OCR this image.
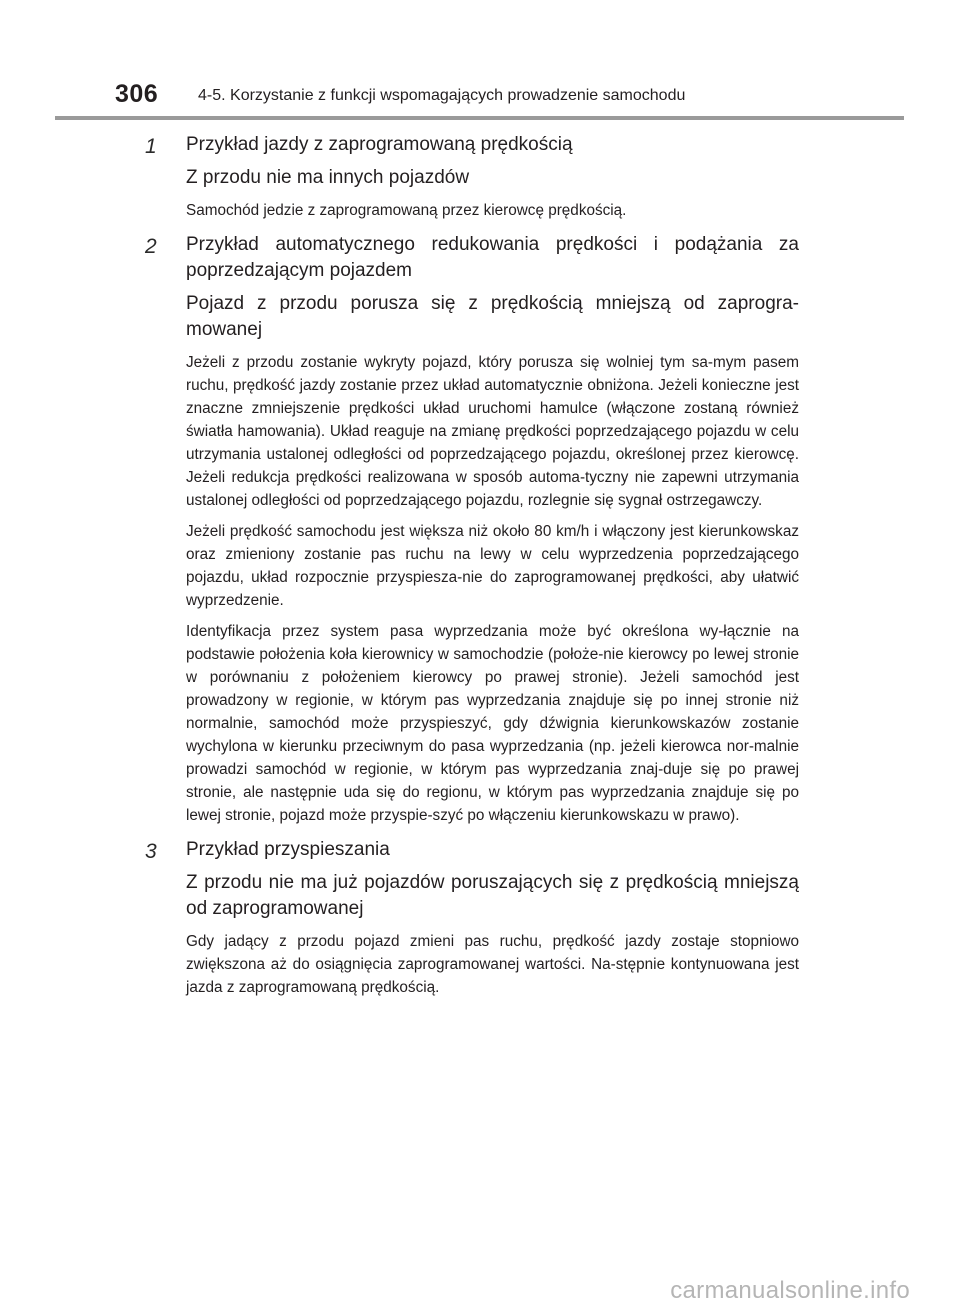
306 4-5. Korzystanie z funkcji wspomagających prowadzenie samochodu
1 Przykład jazdy z zaprogramowaną prędkością

Z przodu nie ma innych pojazdów

Samochód jedzie z zaprogramowaną przez kierowcę prędkością.

2 Przykład automatycznego redukowania prędkości i podążania za poprzedzającym pojazdem

Pojazd z przodu porusza się z prędkością mniejszą od zaprogra-mowanej

Jeżeli z przodu zostanie wykryty pojazd, który porusza się wolniej tym sa-mym pasem ruchu, prędkość jazdy zostanie przez układ automatycznie obniżona. Jeżeli konieczne jest znaczne zmniejszenie prędkości układ uruchomi hamulce (włączone zostaną również światła hamowania). Układ reaguje na zmianę prędkości poprzedzającego pojazdu w celu utrzymania ustalonej odległości od poprzedzającego pojazdu, określonej przez kierowcę. Jeżeli redukcja prędkości realizowana w sposób automa-tyczny nie zapewni utrzymania ustalonej odległości od poprzedzającego pojazdu, rozlegnie się sygnał ostrzegawczy.

Jeżeli prędkość samochodu jest większa niż około 80 km/h i włączony jest kierunkowskaz oraz zmieniony zostanie pas ruchu na lewy w celu wyprzedzenia poprzedzającego pojazdu, układ rozpocznie przyspiesza-nie do zaprogramowanej prędkości, aby ułatwić wyprzedzenie.

Identyfikacja przez system pasa wyprzedzania może być określona wy-łącznie na podstawie położenia koła kierownicy w samochodzie (położe-nie kierowcy po lewej stronie w porównaniu z położeniem kierowcy po prawej stronie). Jeżeli samochód jest prowadzony w regionie, w którym pas wyprzedzania znajduje się po innej stronie niż normalnie, samochód może przyspieszyć, gdy dźwignia kierunkowskazów zostanie wychylona w kierunku przeciwnym do pasa wyprzedzania (np. jeżeli kierowca nor-malnie prowadzi samochód w regionie, w którym pas wyprzedzania znaj-duje się po prawej stronie, ale następnie uda się do regionu, w którym pas wyprzedzania znajduje się po lewej stronie, pojazd może przyspie-szyć po włączeniu kierunkowskazu w prawo).

3 Przykład przyspieszania

Z przodu nie ma już pojazdów poruszających się z prędkością mniejszą od zaprogramowanej

Gdy jadący z przodu pojazd zmieni pas ruchu, prędkość jazdy zostaje stopniowo zwiększona aż do osiągnięcia zaprogramowanej wartości. Na-stępnie kontynuowana jest jazda z zaprogramowaną prędkością.

carmanualsonline.info
